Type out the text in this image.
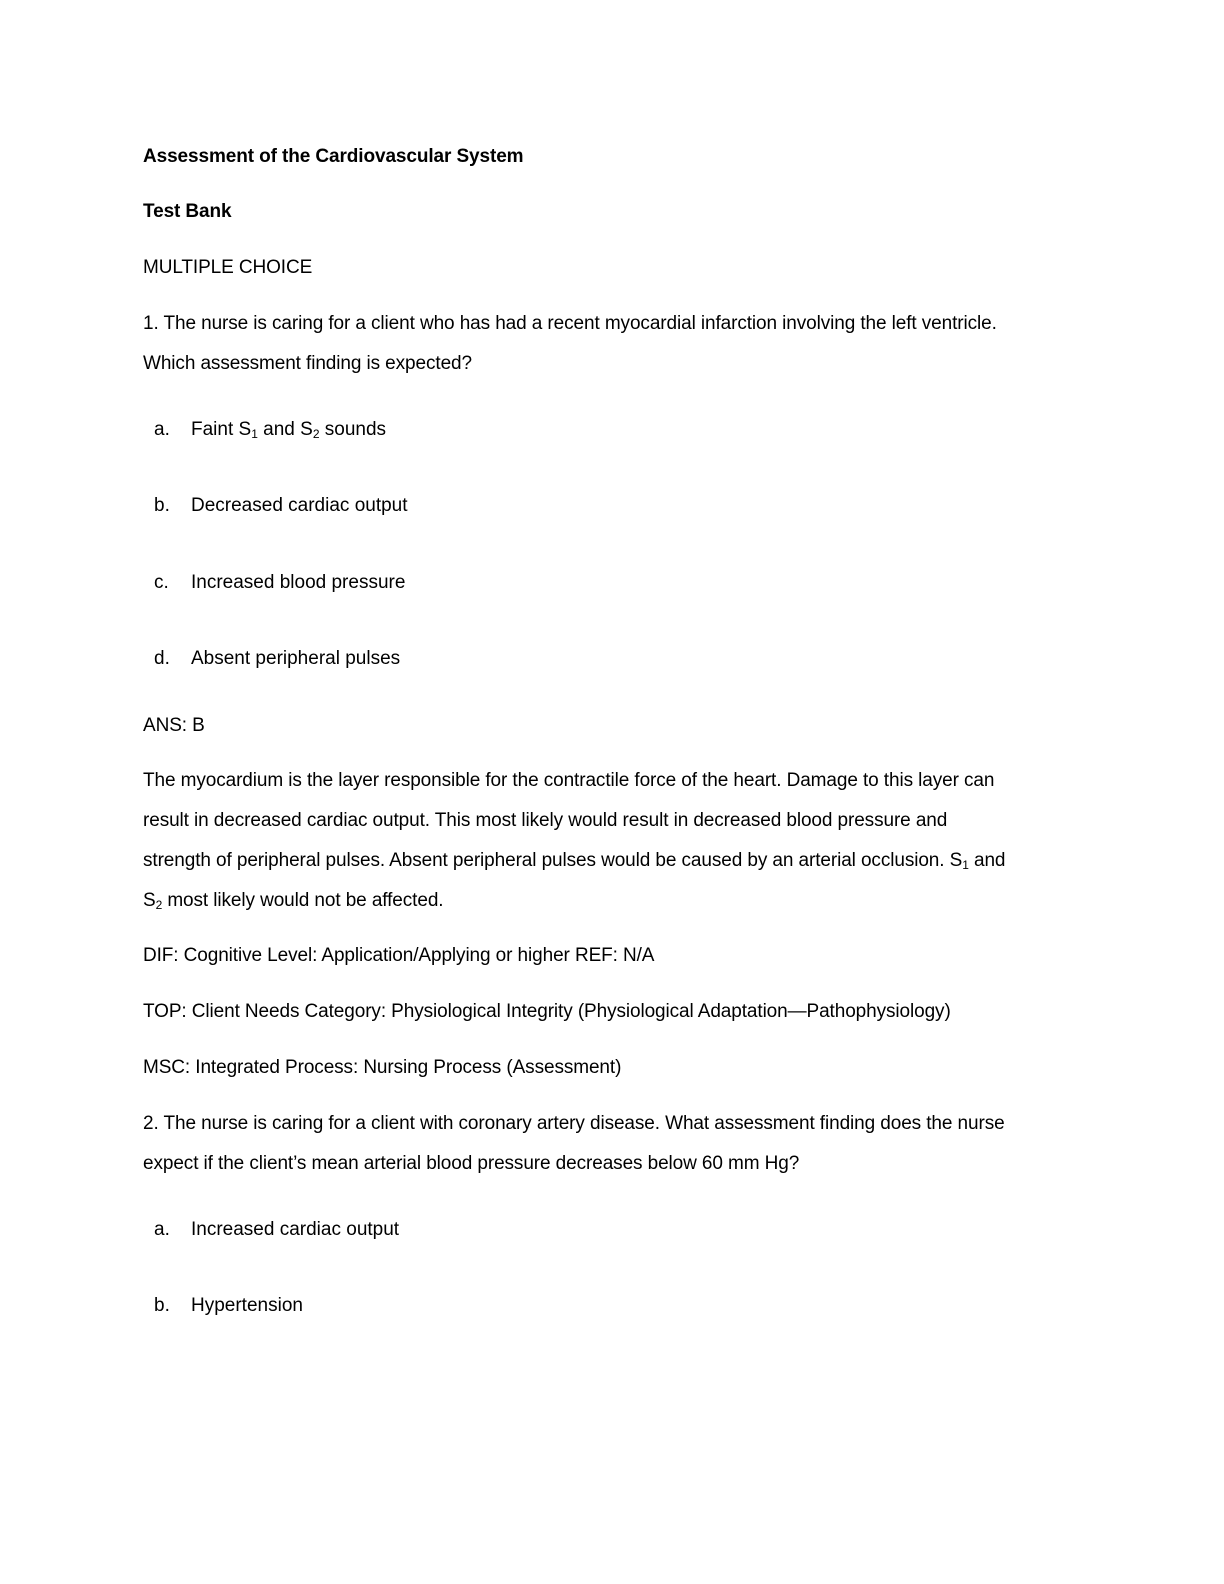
Assessment of the Cardiovascular System
Test Bank
MULTIPLE CHOICE
1. The nurse is caring for a client who has had a recent myocardial infarction involving the left ventricle.
Which assessment finding is expected?
a. Faint $S_1$ and $S_2$ sounds
b. Decreased cardiac output
c. Increased blood pressure
d. Absent peripheral pulses
ANS: B
The myocardium is the layer responsible for the contractile force of the heart. Damage to this layer can
result in decreased cardiac output. This most likely would result in decreased blood pressure and
strength of peripheral pulses. Absent peripheral pulses would be caused by an arterial occlusion. $S_1$ and
$S_2$ most likely would not be affected.
DIF: Cognitive Level: Application/Applying or higher REF: N/A
TOP: Client Needs Category: Physiological Integrity (Physiological Adaptation—Pathophysiology)
MSC: Integrated Process: Nursing Process (Assessment)
2. The nurse is caring for a client with coronary artery disease. What assessment finding does the nurse
expect if the client’s mean arterial blood pressure decreases below 60 mm Hg?
a. Increased cardiac output
b. Hypertension
